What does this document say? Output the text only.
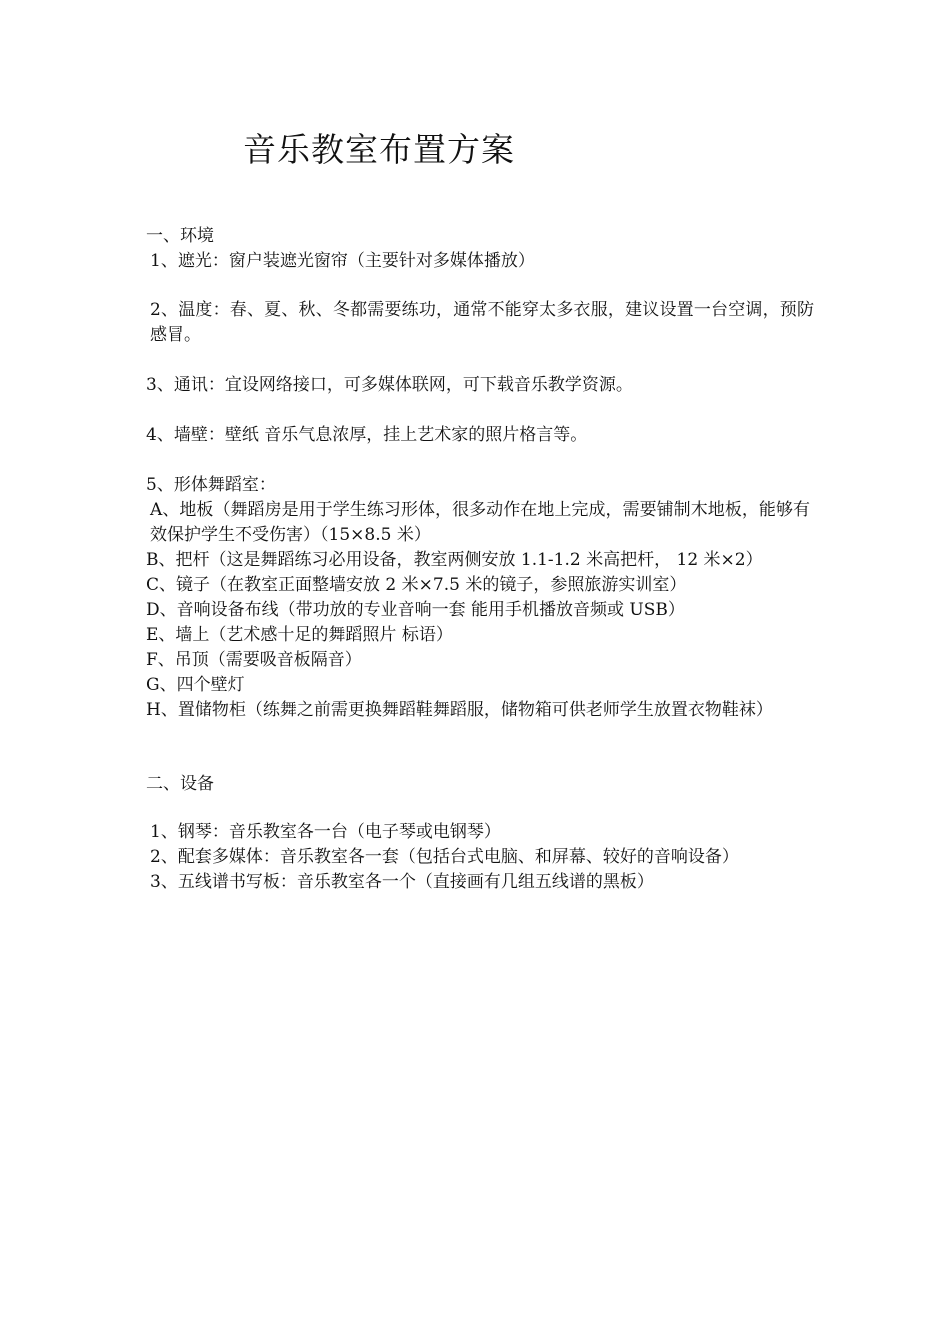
音乐教室布置方案
一、环境
1、遮光：窗户装遮光窗帘（主要针对多媒体播放）
2、温度：春、夏、秋、冬都需要练功，通常不能穿太多衣服，建议设置一台空调，预防感冒。
3、通讯：宜设网络接口，可多媒体联网，可下载音乐教学资源。
4、墙壁：壁纸 音乐气息浓厚，挂上艺术家的照片格言等。
5、形体舞蹈室：
A、地板（舞蹈房是用于学生练习形体，很多动作在地上完成，需要铺制木地板，能够有效保护学生不受伤害）（15×8.5 米）
B、把杆（这是舞蹈练习必用设备，教室两侧安放 1.1-1.2 米高把杆， 12 米×2）
C、镜子（在教室正面整墙安放 2 米×7.5 米的镜子，参照旅游实训室）
D、音响设备布线（带功放的专业音响一套 能用手机播放音频或 USB）
E、墙上（艺术感十足的舞蹈照片 标语）
F、吊顶（需要吸音板隔音）
G、四个壁灯
H、置储物柜（练舞之前需更换舞蹈鞋舞蹈服，储物箱可供老师学生放置衣物鞋袜）
二、设备
1、钢琴：音乐教室各一台（电子琴或电钢琴）
2、配套多媒体：音乐教室各一套（包括台式电脑、和屏幕、较好的音响设备）
3、五线谱书写板：音乐教室各一个（直接画有几组五线谱的黑板）
